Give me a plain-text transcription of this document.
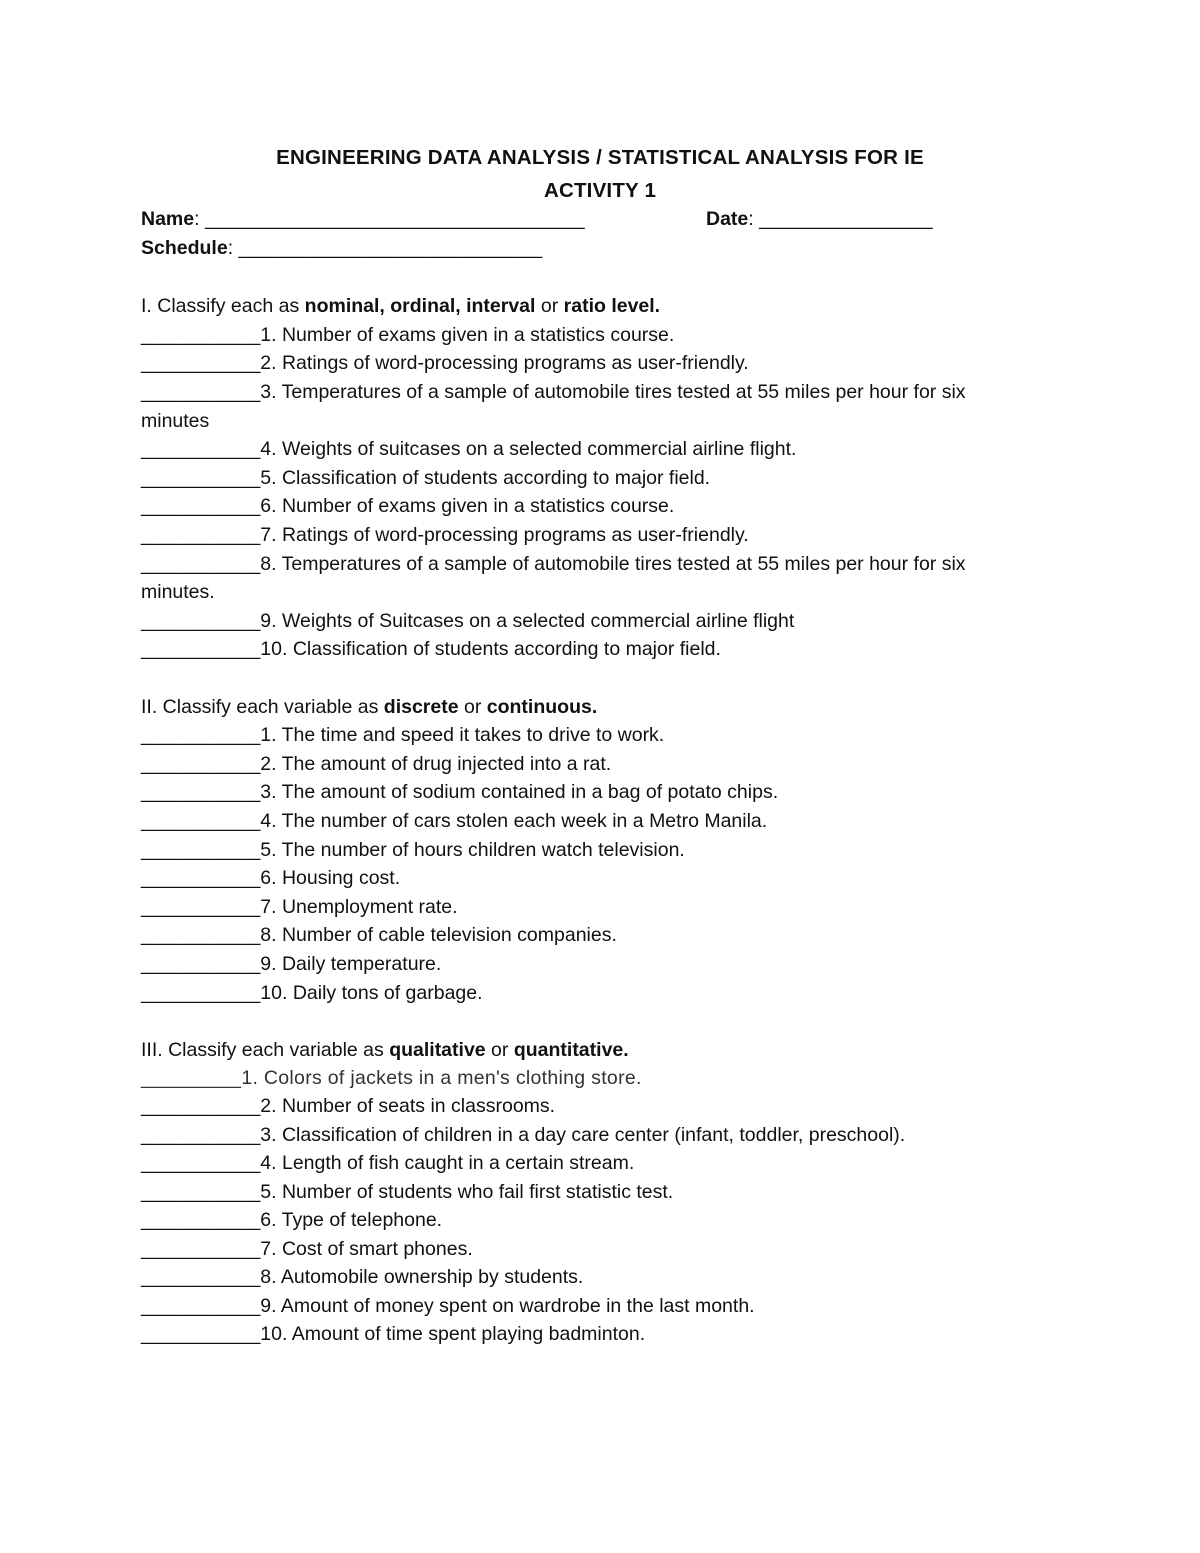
ENGINEERING DATA ANALYSIS / STATISTICAL ANALYSIS FOR IE
ACTIVITY 1
Name: ___________________________________	Date: ________________
Schedule: ____________________________
I. Classify each as nominal, ordinal, interval or ratio level.
___________1. Number of exams given in a statistics course.
___________2. Ratings of word-processing programs as user-friendly.
___________3. Temperatures of a sample of automobile tires tested at 55 miles per hour for six
minutes
___________4. Weights of suitcases on a selected commercial airline flight.
___________5. Classification of students according to major field.
___________6. Number of exams given in a statistics course.
___________7. Ratings of word-processing programs as user-friendly.
___________8. Temperatures of a sample of automobile tires tested at 55 miles per hour for six
minutes.
___________9. Weights of Suitcases on a selected commercial airline flight
___________10. Classification of students according to major field.
II. Classify each variable as discrete or continuous.
___________1. The time and speed it takes to drive to work.
___________2. The amount of drug injected into a rat.
___________3. The amount of sodium contained in a bag of potato chips.
___________4. The number of cars stolen each week in a Metro Manila.
___________5. The number of hours children watch television.
___________6. Housing cost.
___________7. Unemployment rate.
___________8. Number of cable television companies.
___________9. Daily temperature.
___________10. Daily tons of garbage.
III. Classify each variable as qualitative or quantitative.
_________1. Colors of jackets in a men's clothing store.
___________2. Number of seats in classrooms.
___________3. Classification of children in a day care center (infant, toddler, preschool).
___________4. Length of fish caught in a certain stream.
___________5. Number of students who fail first statistic test.
___________6. Type of telephone.
___________7. Cost of smart phones.
___________8. Automobile ownership by students.
___________9. Amount of money spent on wardrobe in the last month.
___________10. Amount of time spent playing badminton.
